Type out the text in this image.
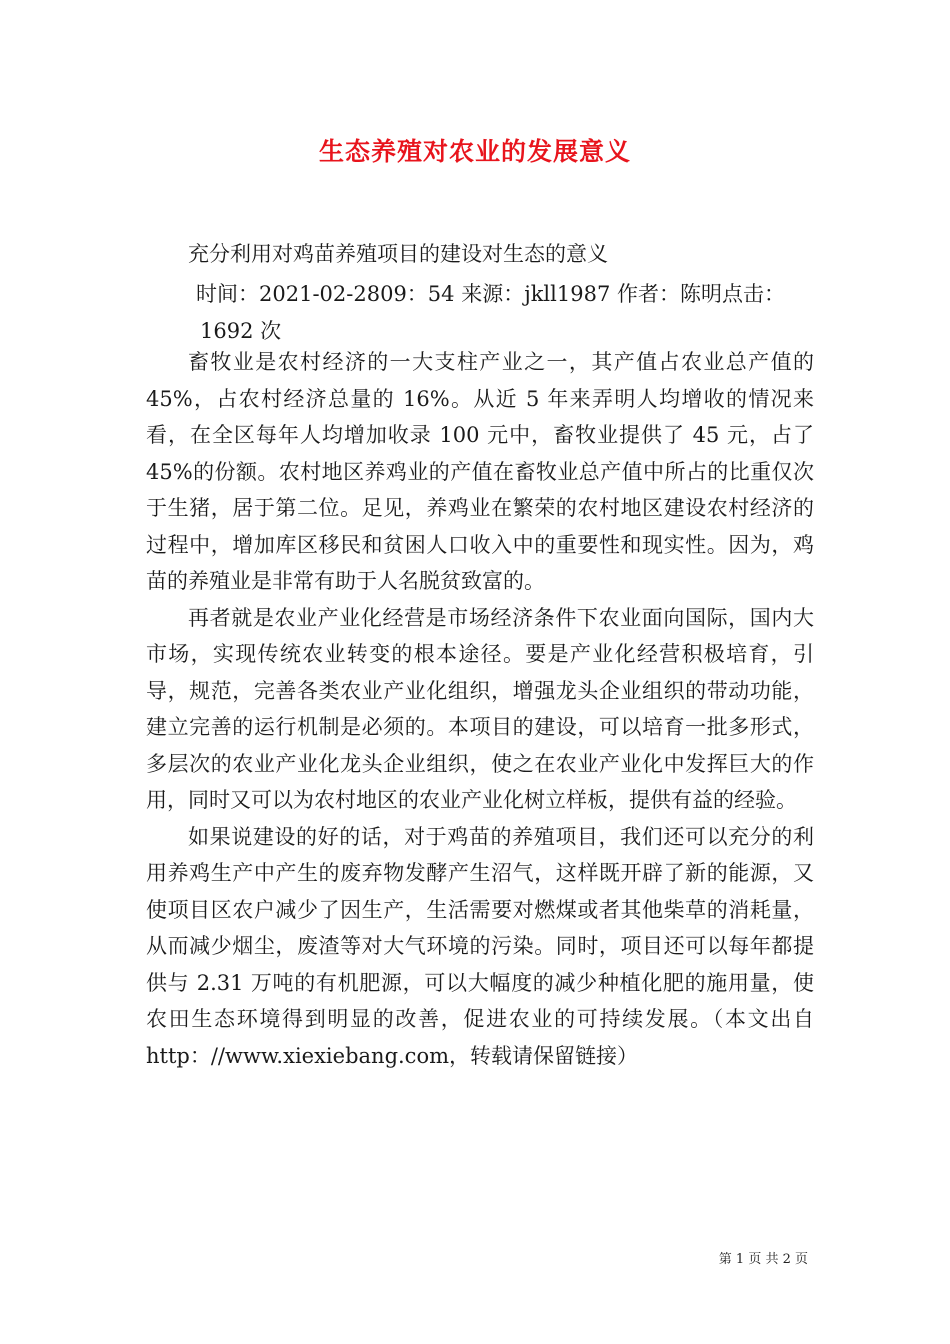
生态养殖对农业的发展意义
充分利用对鸡苗养殖项目的建设对生态的意义
时间：2021-02-2809：54 来源：jkll1987 作者：陈明点击：
1692 次

畜牧业是农村经济的一大支柱产业之一，其产值占农业总产值的 45%，占农村经济总量的 16%。从近 5 年来弄明人均增收的情况来看，在全区每年人均增加收录 100 元中，畜牧业提供了 45 元，占了45%的份额。农村地区养鸡业的产值在畜牧业总产值中所占的比重仅次于生猪，居于第二位。足见，养鸡业在繁荣的农村地区建设农村经济的过程中，增加库区移民和贫困人口收入中的重要性和现实性。因为，鸡苗的养殖业是非常有助于人名脱贫致富的。

再者就是农业产业化经营是市场经济条件下农业面向国际，国内大市场，实现传统农业转变的根本途径。要是产业化经营积极培育，引导，规范，完善各类农业产业化组织，增强龙头企业组织的带动功能，建立完善的运行机制是必须的。本项目的建设，可以培育一批多形式，多层次的农业产业化龙头企业组织，使之在农业产业化中发挥巨大的作用，同时又可以为农村地区的农业产业化树立样板，提供有益的经验。

如果说建设的好的话，对于鸡苗的养殖项目，我们还可以充分的利用养鸡生产中产生的废弃物发酵产生沼气，这样既开辟了新的能源，又使项目区农户减少了因生产，生活需要对燃煤或者其他柴草的消耗量，从而减少烟尘，废渣等对大气环境的污染。同时，项目还可以每年都提供与 2.31 万吨的有机肥源，可以大幅度的减少种植化肥的施用量，使农田生态环境得到明显的改善，促进农业的可持续发展。（本文出自 http：//www.xiexiebang.com，转载请保留链接）

第 1 页 共 2 页
